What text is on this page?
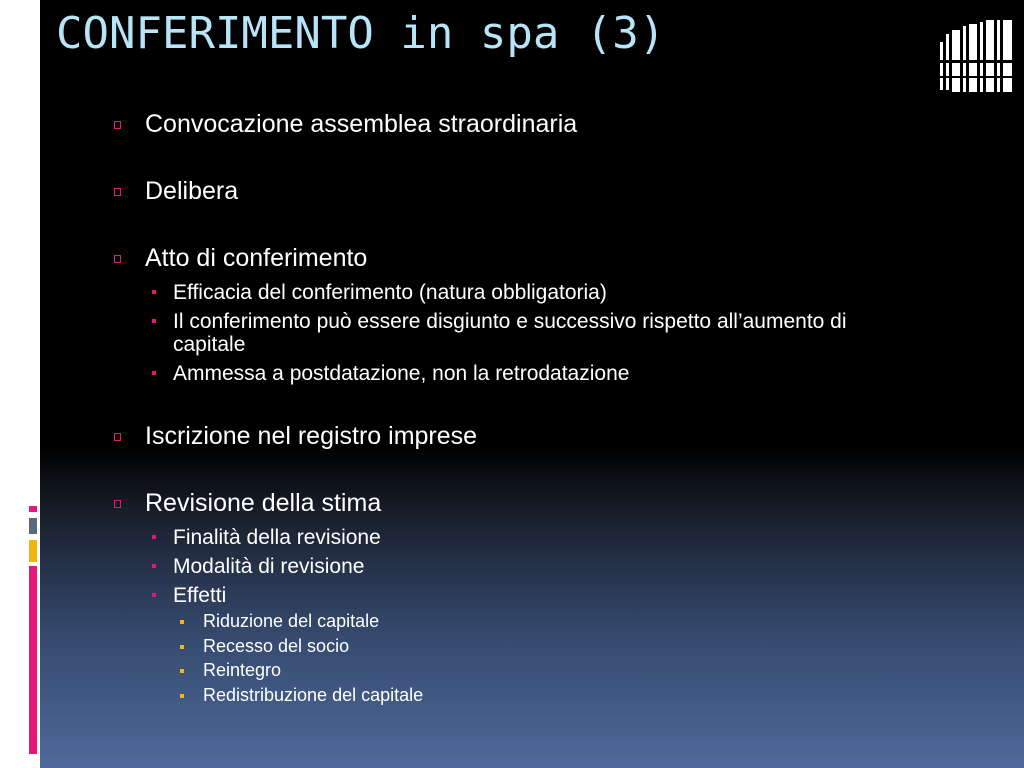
CONFERIMENTO in spa (3)
Convocazione assemblea straordinaria
Delibera
Atto di conferimento
Efficacia del conferimento (natura obbligatoria)
Il conferimento può essere disgiunto e successivo rispetto all’aumento di
capitale
Ammessa a postdatazione, non la retrodatazione
Iscrizione nel registro imprese
Revisione della stima
Finalità della revisione
Modalità di revisione
Effetti
Riduzione del capitale
Recesso del socio
Reintegro
Redistribuzione del capitale
